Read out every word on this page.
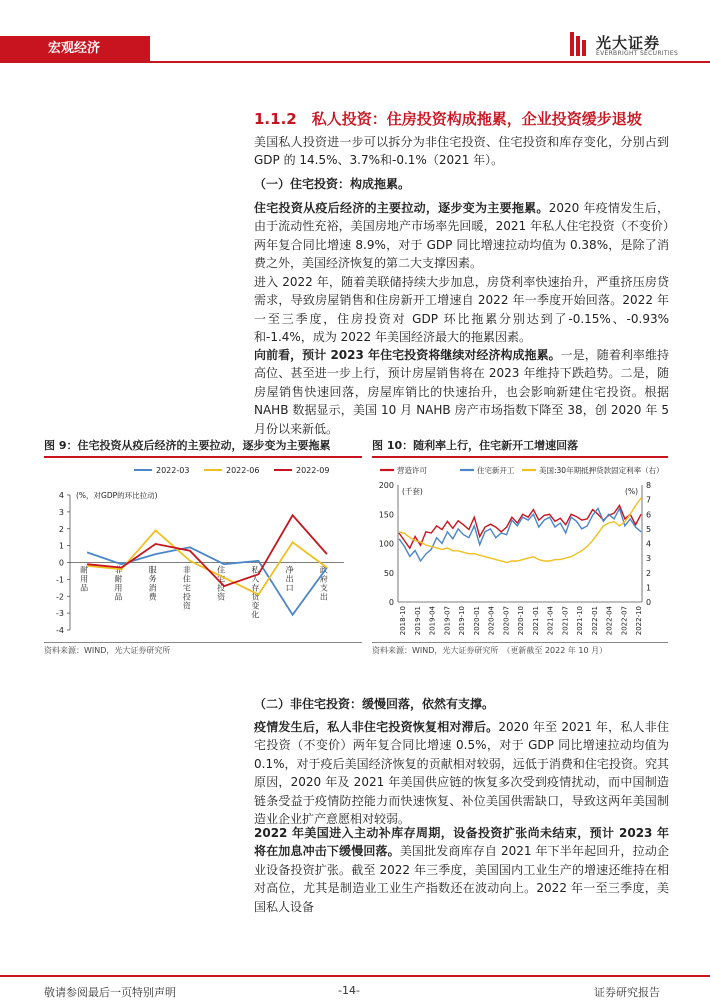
宏观经济	光大证券
EVERBRIGHT SECURITIES
1.1.2　私人投资：住房投资构成拖累，企业投资缓步退坡

美国私人投资进一步可以拆分为非住宅投资、住宅投资和库存变化，分别占到GDP 的 14.5%、3.7%和-0.1%（2021 年）。

（一）住宅投资：构成拖累。

住宅投资从疫后经济的主要拉动，逐步变为主要拖累。2020 年疫情发生后，由于流动性充裕，美国房地产市场率先回暖，2021 年私人住宅投资（不变价）两年复合同比增速 8.9%，对于 GDP 同比增速拉动均值为 0.38%，是除了消费之外，美国经济恢复的第二大支撑因素。

进入 2022 年，随着美联储持续大步加息，房贷利率快速抬升，严重挤压房贷需求，导致房屋销售和住房新开工增速自 2022 年一季度开始回落。2022 年一至三季度，住房投资对 GDP 环比拖累分别达到了-0.15%、-0.93%和-1.4%，成为 2022 年美国经济最大的拖累因素。

向前看，预计 2023 年住宅投资将继续对经济构成拖累。一是，随着利率维持高位、甚至进一步上行，预计房屋销售将在 2023 年维持下跌趋势。二是，随房屋销售快速回落，房屋库销比的快速抬升，也会影响新建住宅投资。根据 NAHB 数据显示，美国 10 月 NAHB 房产市场指数下降至 38，创 2020 年 5 月份以来新低。

图 9：住宅投资从疫后经济的主要拉动，逐步变为主要拖累
2022-03	2022-06	2022-09
4
3
2
1
0
-1
-2
-3
-4
(%，对GDP的环比拉动)
耐
用
品
非
耐
用
品
服
务
消
费
非
住
宅
投
资
住
宅
投
资
私
人
存
货
变
化
净
出
口
政
府
支
出
资料来源：WIND，光大证券研究所
图 10：随利率上行，住宅新开工增速回落
营造许可	住宅新开工	美国:30年期抵押贷款固定利率（右）
200
150
100
50
0
8
7
6
5
4
3
2
1
0
(千套)	(%)
2018-10 2019-01 2019-04 2019-07 2019-10 2020-01 2020-04 2020-07 2020-10 2021-01 2021-04 2021-07 2021-10 2022-01 2022-04 2022-07 2022-10
资料来源：WIND，光大证券研究所　（更新截至 2022 年 10 月）
（二）非住宅投资：缓慢回落，依然有支撑。

疫情发生后，私人非住宅投资恢复相对滞后。2020 年至 2021 年，私人非住宅投资（不变价）两年复合同比增速 0.5%，对于 GDP 同比增速拉动均值为 0.1%，对于疫后美国经济恢复的贡献相对较弱，远低于消费和住宅投资。究其原因，2020 年及 2021 年美国供应链的恢复多次受到疫情扰动，而中国制造链条受益于疫情防控能力而快速恢复、补位美国供需缺口，导致这两年美国制造业企业扩产意愿相对较弱。

2022 年美国进入主动补库存周期，设备投资扩张尚未结束，预计 2023 年将在加息冲击下缓慢回落。美国批发商库存自 2021 年下半年起回升，拉动企业设备投资扩张。截至 2022 年三季度，美国国内工业生产的增速还维持在相对高位，尤其是制造业工业生产指数还在波动向上。2022 年一至三季度，美国私人设备

敬请参阅最后一页特别声明	-14-	证券研究报告
